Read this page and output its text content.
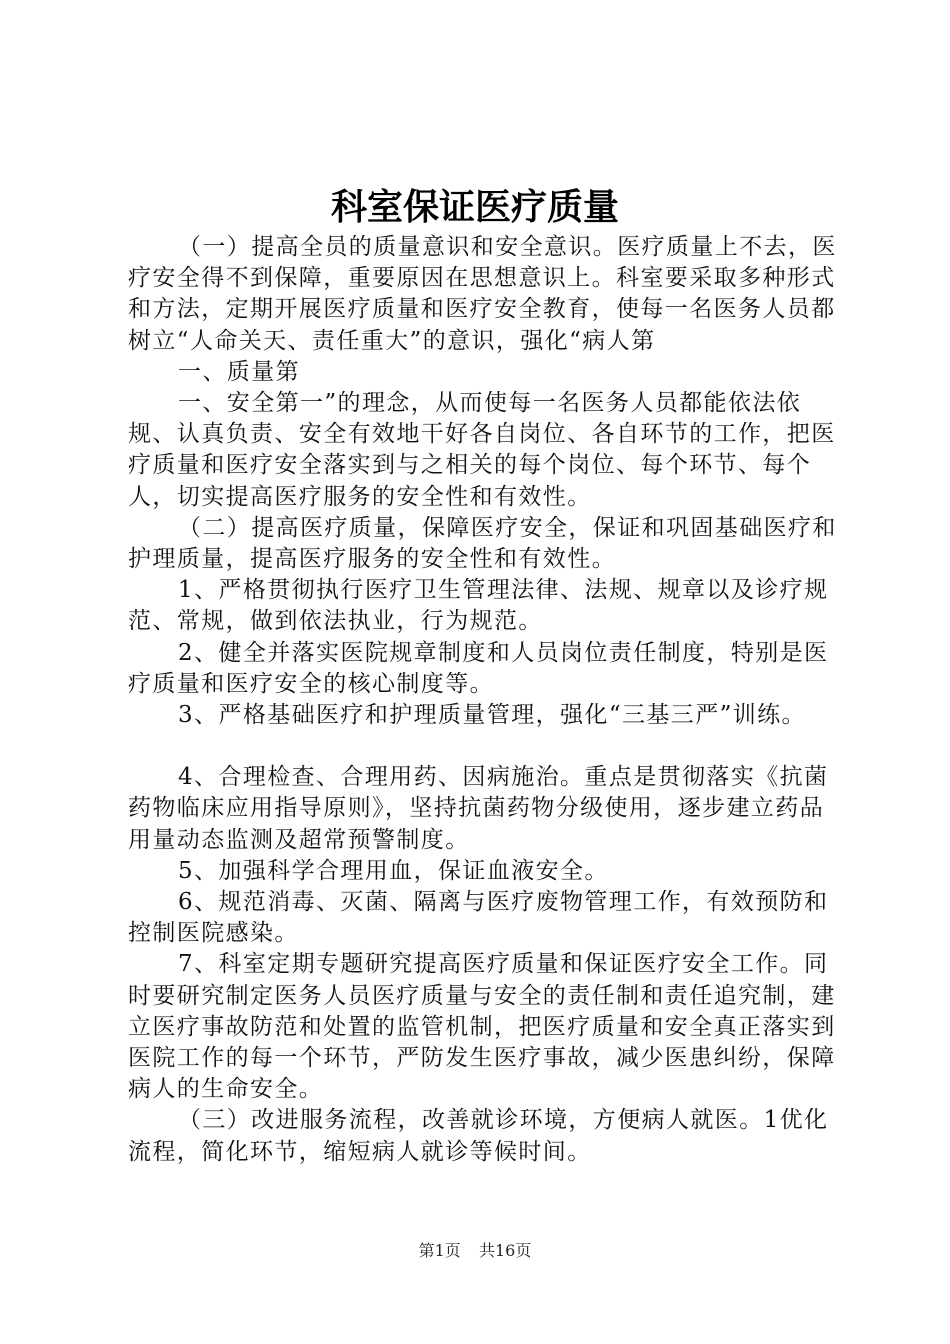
科室保证医疗质量

（一）提高全员的质量意识和安全意识。医疗质量上不去，医疗安全得不到保障，重要原因在思想意识上。科室要采取多种形式和方法，定期开展医疗质量和医疗安全教育，使每一名医务人员都树立“人命关天、责任重大”的意识，强化“病人第

一、质量第

一、安全第一”的理念，从而使每一名医务人员都能依法依规、认真负责、安全有效地干好各自岗位、各自环节的工作，把医疗质量和医疗安全落实到与之相关的每个岗位、每个环节、每个人，切实提高医疗服务的安全性和有效性。

（二）提高医疗质量，保障医疗安全，保证和巩固基础医疗和护理质量，提高医疗服务的安全性和有效性。

1、严格贯彻执行医疗卫生管理法律、法规、规章以及诊疗规范、常规，做到依法执业，行为规范。

2、健全并落实医院规章制度和人员岗位责任制度，特别是医疗质量和医疗安全的核心制度等。

3、严格基础医疗和护理质量管理，强化“三基三严”训练。

4、合理检查、合理用药、因病施治。重点是贯彻落实《抗菌药物临床应用指导原则》，坚持抗菌药物分级使用，逐步建立药品用量动态监测及超常预警制度。

5、加强科学合理用血，保证血液安全。

6、规范消毒、灭菌、隔离与医疗废物管理工作，有效预防和控制医院感染。

7、科室定期专题研究提高医疗质量和保证医疗安全工作。同时要研究制定医务人员医疗质量与安全的责任制和责任追究制，建立医疗事故防范和处置的监管机制，把医疗质量和安全真正落实到医院工作的每一个环节，严防发生医疗事故，减少医患纠纷，保障病人的生命安全。

（三）改进服务流程，改善就诊环境，方便病人就医。1优化流程，简化环节，缩短病人就诊等候时间。

第1页 共16页
